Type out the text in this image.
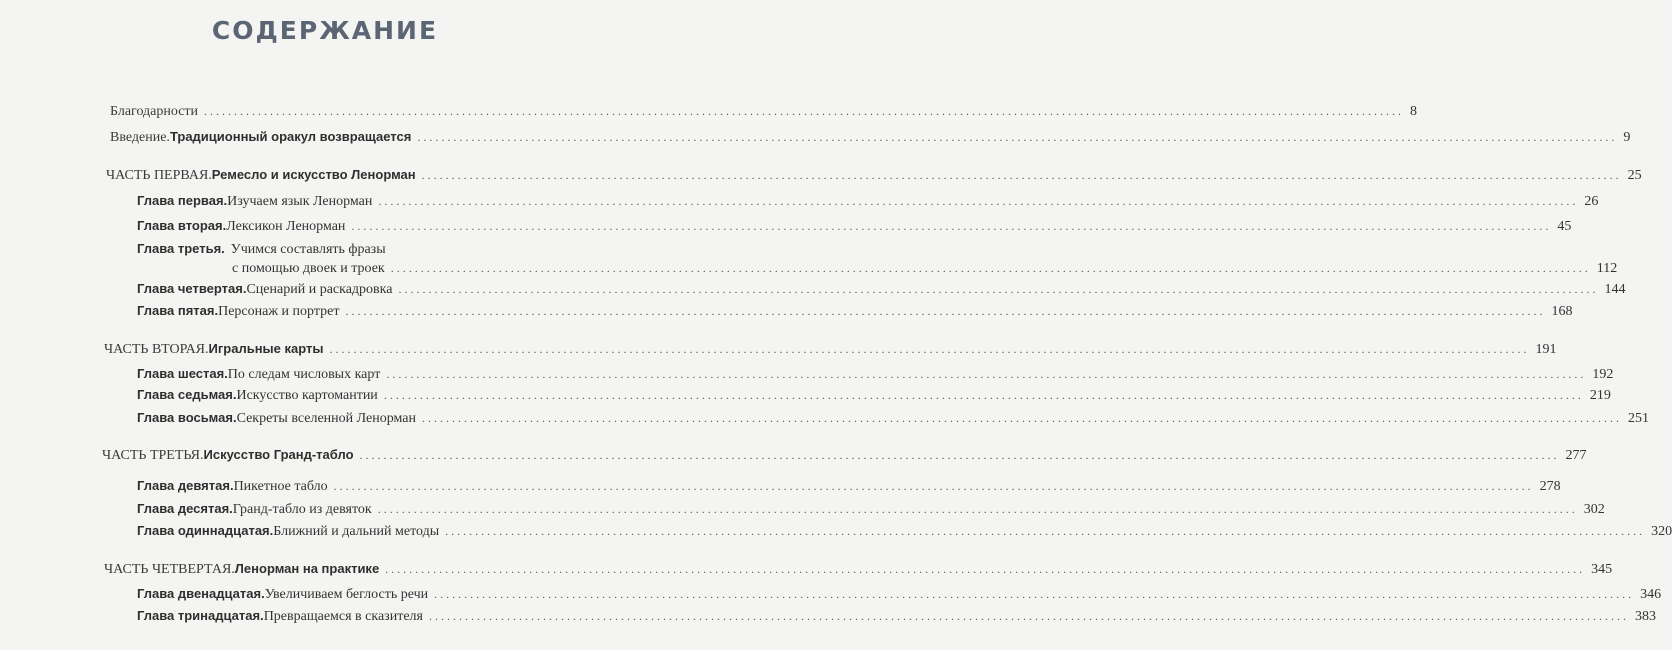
СОДЕРЖАНИЕ
Благодарности ........................................................................................................................................................................................................ 8
Введение. Традиционный оракул возвращается ........................................................................................................................................................................................................ 9
ЧАСТЬ ПЕРВАЯ. Ремесло и искусство Ленорман ........................................................................................................................................................................................................ 25
Глава первая. Изучаем язык Ленорман ........................................................................................................................................................................................................ 26
Глава вторая. Лексикон Ленорман ........................................................................................................................................................................................................ 45
Глава третья. Учимся составлять фразы
с помощью двоек и троек ........................................................................................................................................................................................................ 112
Глава четвертая. Сценарий и раскадровка ........................................................................................................................................................................................................ 144
Глава пятая. Персонаж и портрет ........................................................................................................................................................................................................ 168
ЧАСТЬ ВТОРАЯ. Игральные карты ........................................................................................................................................................................................................ 191
Глава шестая. По следам числовых карт ........................................................................................................................................................................................................ 192
Глава седьмая. Искусство картомантии ........................................................................................................................................................................................................ 219
Глава восьмая. Секреты вселенной Ленорман ........................................................................................................................................................................................................ 251
ЧАСТЬ ТРЕТЬЯ. Искусство Гранд-табло ........................................................................................................................................................................................................ 277
Глава девятая. Пикетное табло ........................................................................................................................................................................................................ 278
Глава десятая. Гранд-табло из девяток ........................................................................................................................................................................................................ 302
Глава одиннадцатая. Ближний и дальний методы ........................................................................................................................................................................................................ 320
ЧАСТЬ ЧЕТВЕРТАЯ. Ленорман на практике ........................................................................................................................................................................................................ 345
Глава двенадцатая. Увеличиваем беглость речи ........................................................................................................................................................................................................ 346
Глава тринадцатая. Превращаемся в сказителя ........................................................................................................................................................................................................ 383
